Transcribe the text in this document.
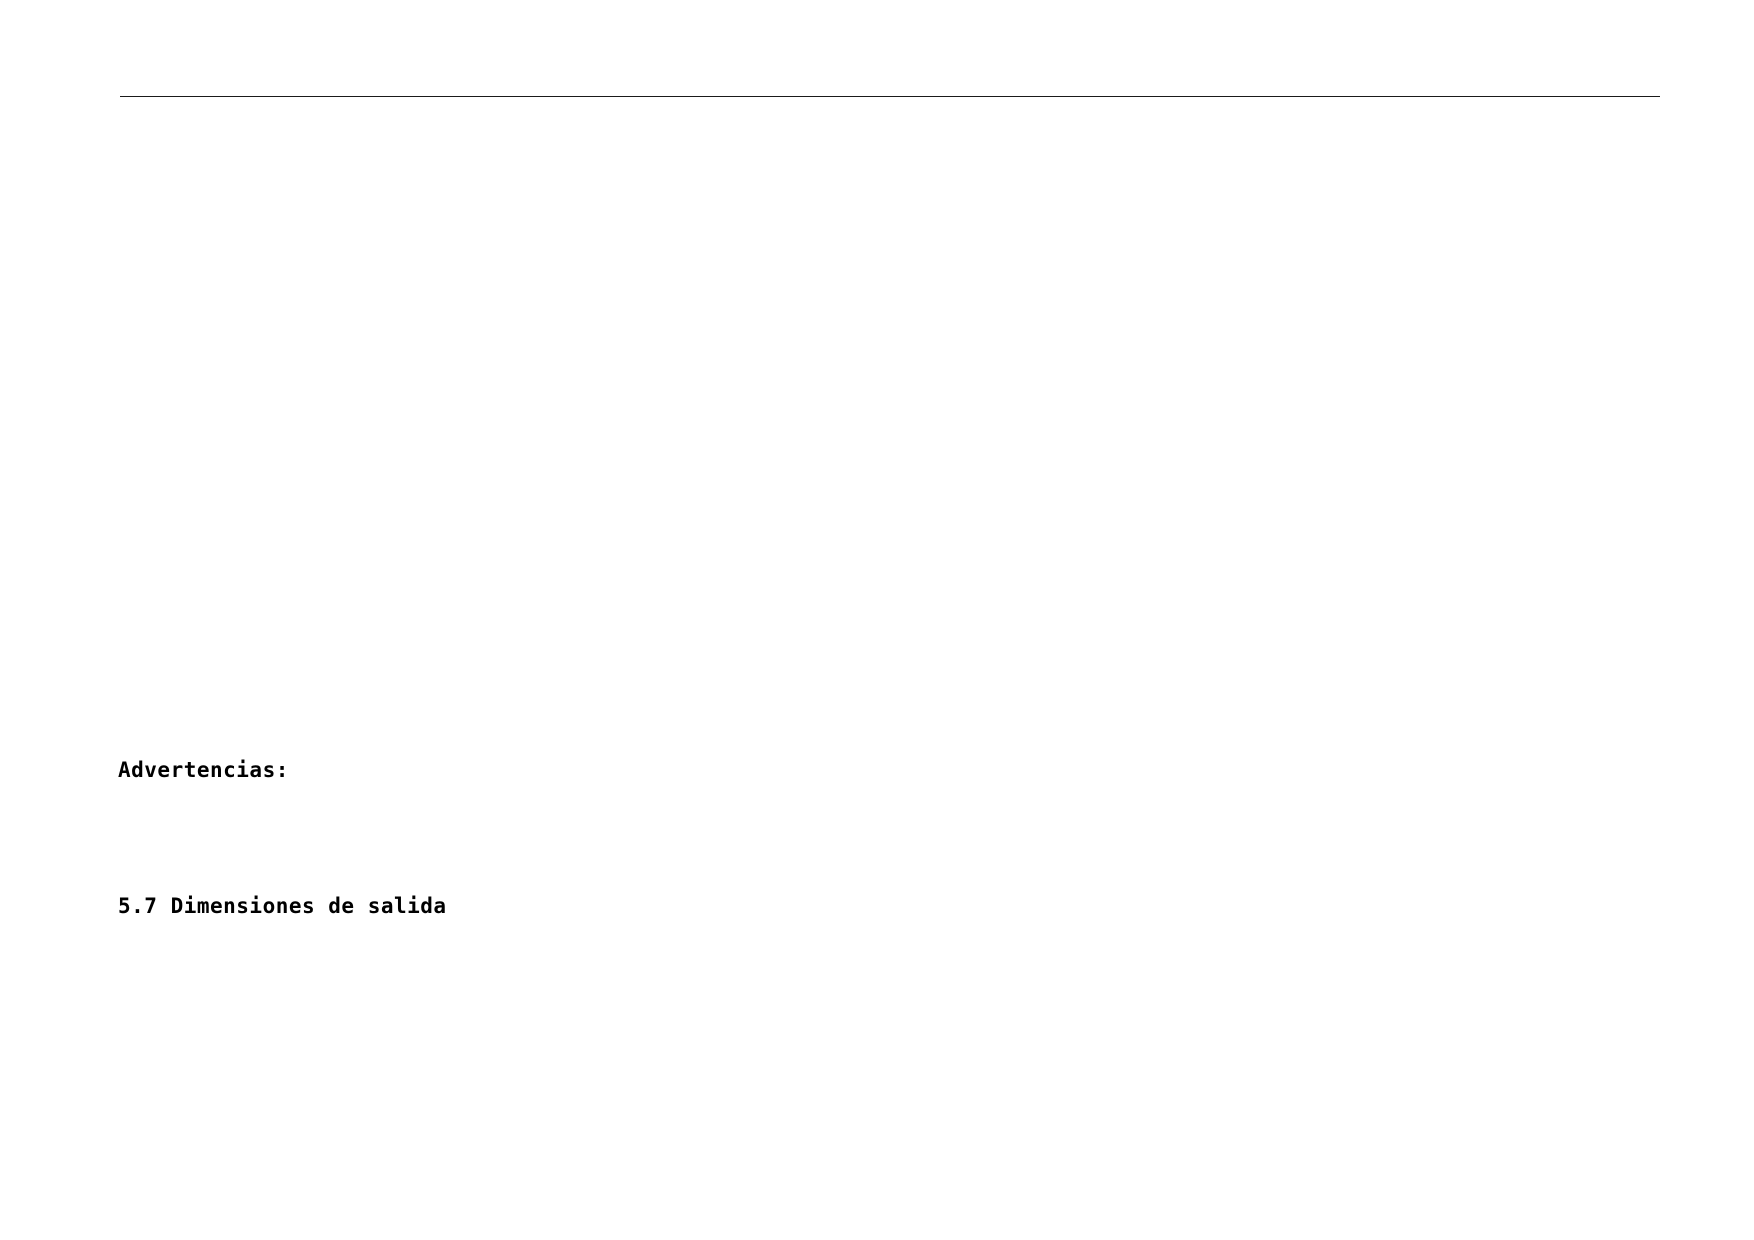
Advertencias:
5.7 Dimensiones de salida
